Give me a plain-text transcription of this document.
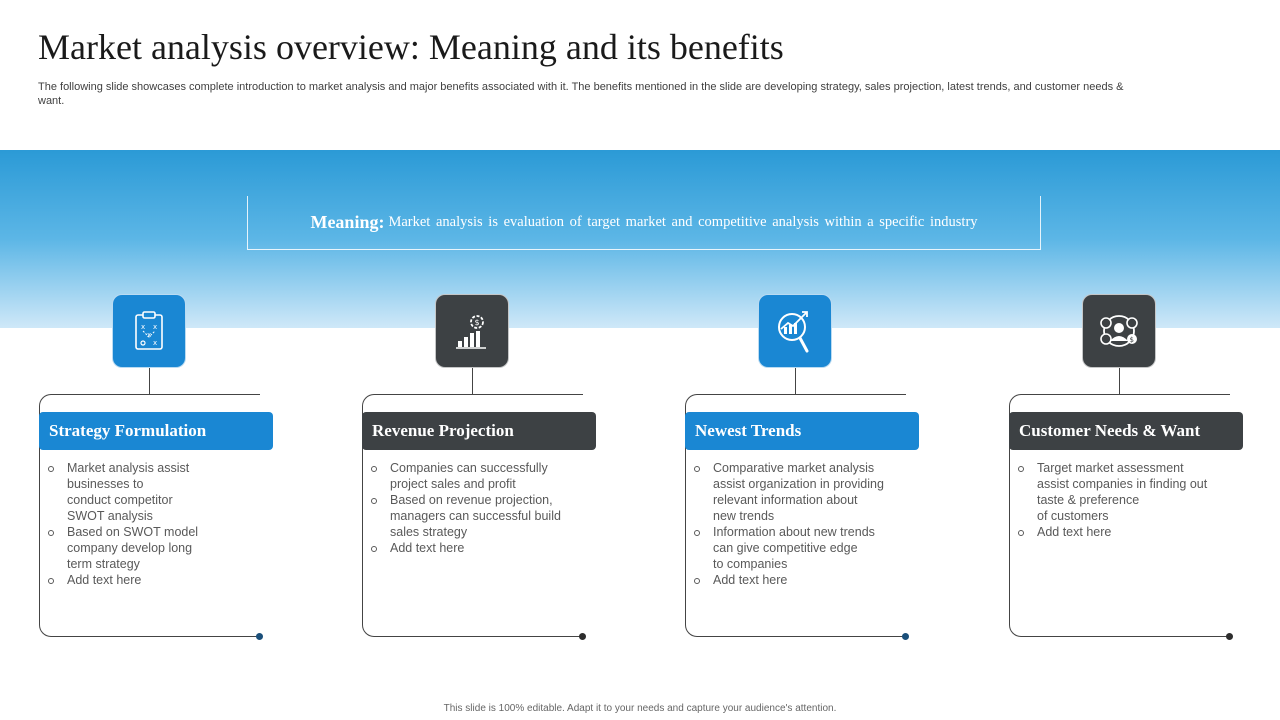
Market analysis overview: Meaning and its benefits
The following slide showcases complete introduction to market analysis and major benefits associated with it. The benefits mentioned in the slide are developing strategy, sales projection, latest trends, and customer needs & want.
Meaning: Market analysis is evaluation of target market and competitive analysis within a specific industry
x x
x
x
Strategy Formulation
Market analysis assist
businesses to
conduct competitor
SWOT analysis
Based on SWOT model
company develop long
term strategy
Add text here
$
Revenue Projection
Companies can successfully
project sales and profit
Based on revenue projection,
managers can successful build
sales strategy
Add text here
Newest Trends
Comparative market analysis
assist organization in providing
relevant information about
new trends
Information about new trends
can give competitive edge
to companies
Add text here
$
Customer Needs & Want
Target market assessment
assist companies in finding out
taste & preference
of customers
Add text here
This slide is 100% editable. Adapt it to your needs and capture your audience's attention.
